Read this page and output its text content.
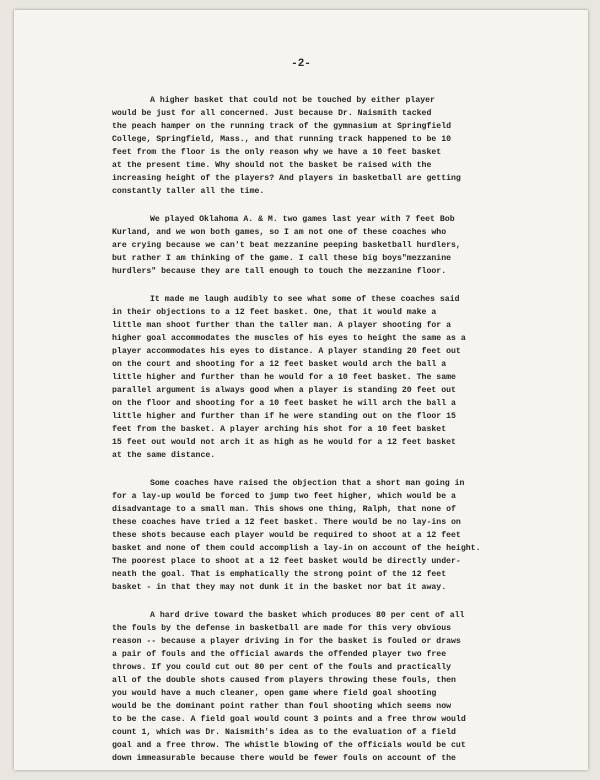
-2-
A higher basket that could not be touched by either player
would be just for all concerned. Just because Dr. Naismith tacked
the peach hamper on the running track of the gymnasium at Springfield
College, Springfield, Mass., and that running track happened to be 10
feet from the floor is the only reason why we have a 10 feet basket
at the present time. Why should not the basket be raised with the
increasing height of the players? And players in basketball are getting
constantly taller all the time.
We played Oklahoma A. & M. two games last year with 7 feet Bob
Kurland, and we won both games, so I am not one of these coaches who
are crying because we can't beat mezzanine peeping basketball hurdlers,
but rather I am thinking of the game. I call these big boys"mezzanine
hurdlers" because they are tall enough to touch the mezzanine floor.
It made me laugh audibly to see what some of these coaches said
in their objections to a 12 feet basket. One, that it would make a
little man shoot further than the taller man. A player shooting for a
higher goal accommodates the muscles of his eyes to height the same as a
player accommodates his eyes to distance. A player standing 20 feet out
on the court and shooting for a 12 feet basket would arch the ball a
little higher and further than he would for a 10 feet basket. The same
parallel argument is always good when a player is standing 20 feet out
on the floor and shooting for a 10 feet basket he will arch the ball a
little higher and further than if he were standing out on the floor 15
feet from the basket. A player arching his shot for a 10 feet basket
15 feet out would not arch it as high as he would for a 12 feet basket
at the same distance.
Some coaches have raised the objection that a short man going in
for a lay-up would be forced to jump two feet higher, which would be a
disadvantage to a small man. This shows one thing, Ralph, that none of
these coaches have tried a 12 feet basket. There would be no lay-ins on
these shots because each player would be required to shoot at a 12 feet
basket and none of them could accomplish a lay-in on account of the height.
The poorest place to shoot at a 12 feet basket would be directly under-
neath the goal. That is emphatically the strong point of the 12 feet
basket - in that they may not dunk it in the basket nor bat it away.
A hard drive toward the basket which produces 80 per cent of all
the fouls by the defense in basketball are made for this very obvious
reason -- because a player driving in for the basket is fouled or draws
a pair of fouls and the official awards the offended player two free
throws. If you could cut out 80 per cent of the fouls and practically
all of the double shots caused from players throwing these fouls, then
you would have a much cleaner, open game where field goal shooting
would be the dominant point rather than foul shooting which seems now
to be the case. A field goal would count 3 points and a free throw would
count 1, which was Dr. Naismith's idea as to the evaluation of a field
goal and a free throw. The whistle blowing of the officials would be cut
down immeasurable because there would be fewer fouls on account of the
